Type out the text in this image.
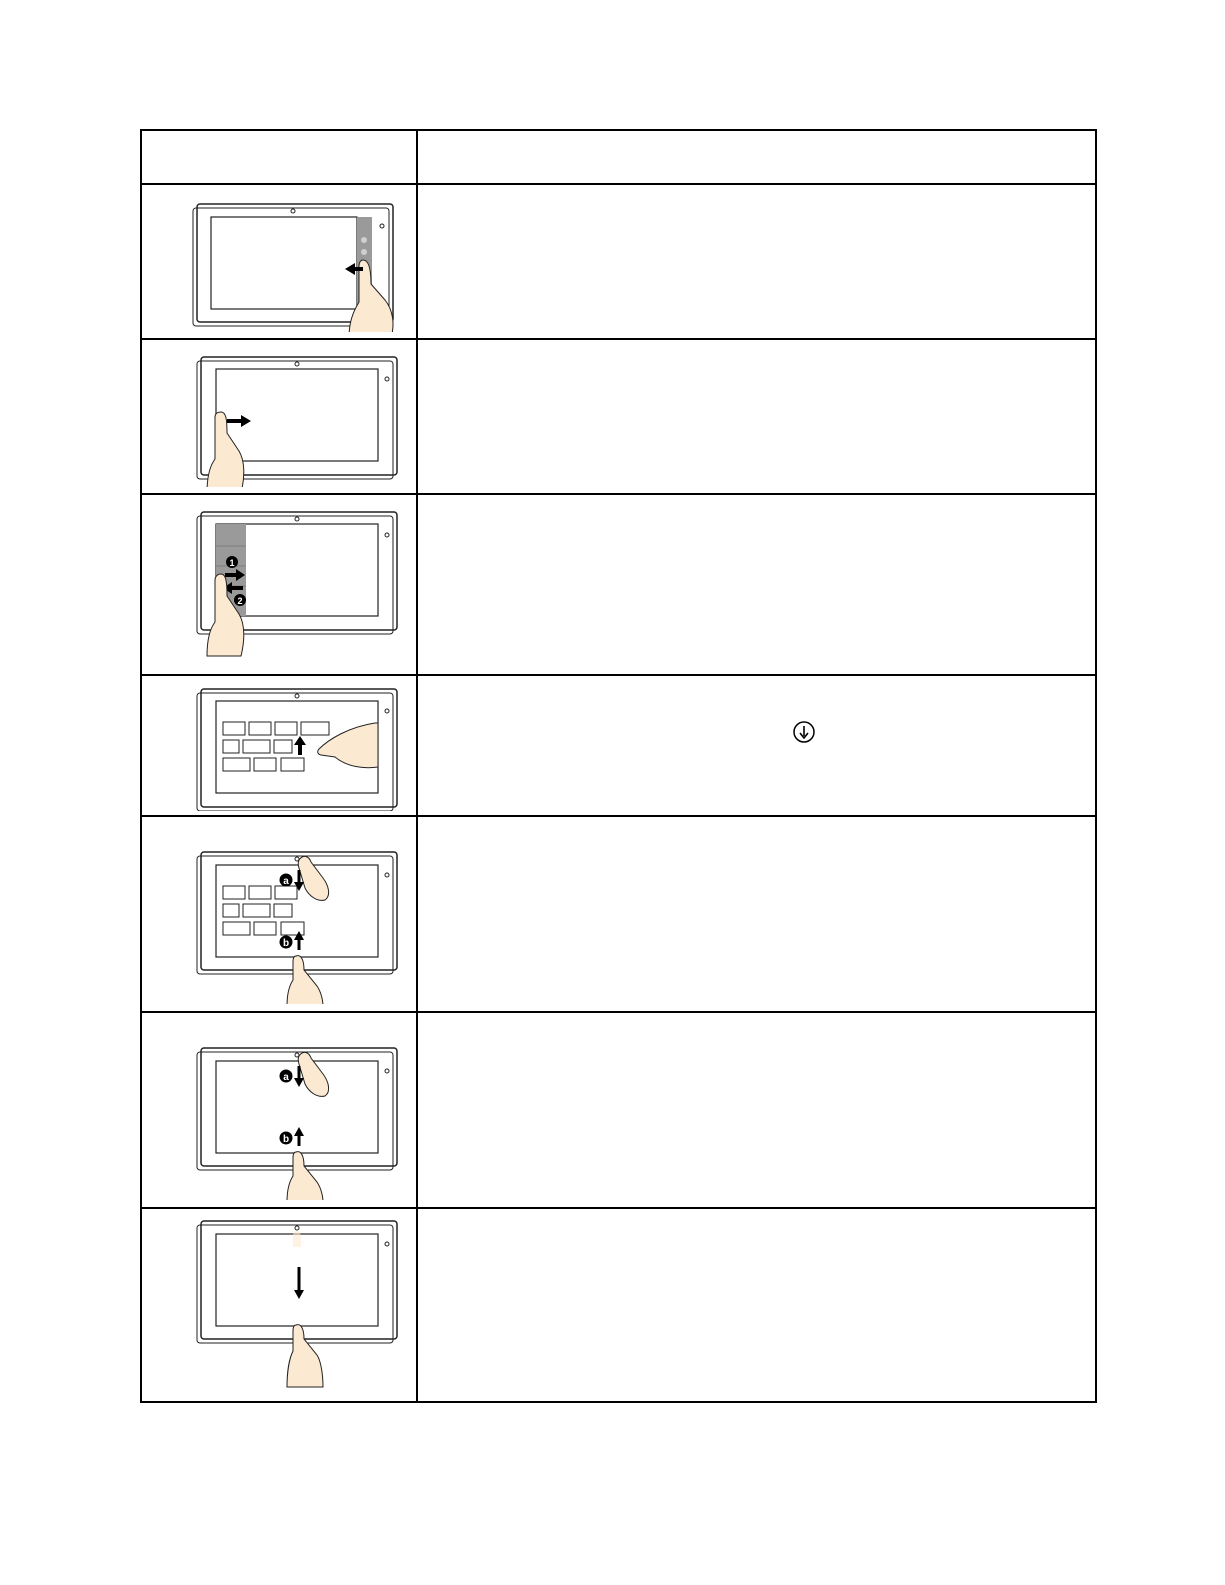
1
2	

a
b	

a
b	
